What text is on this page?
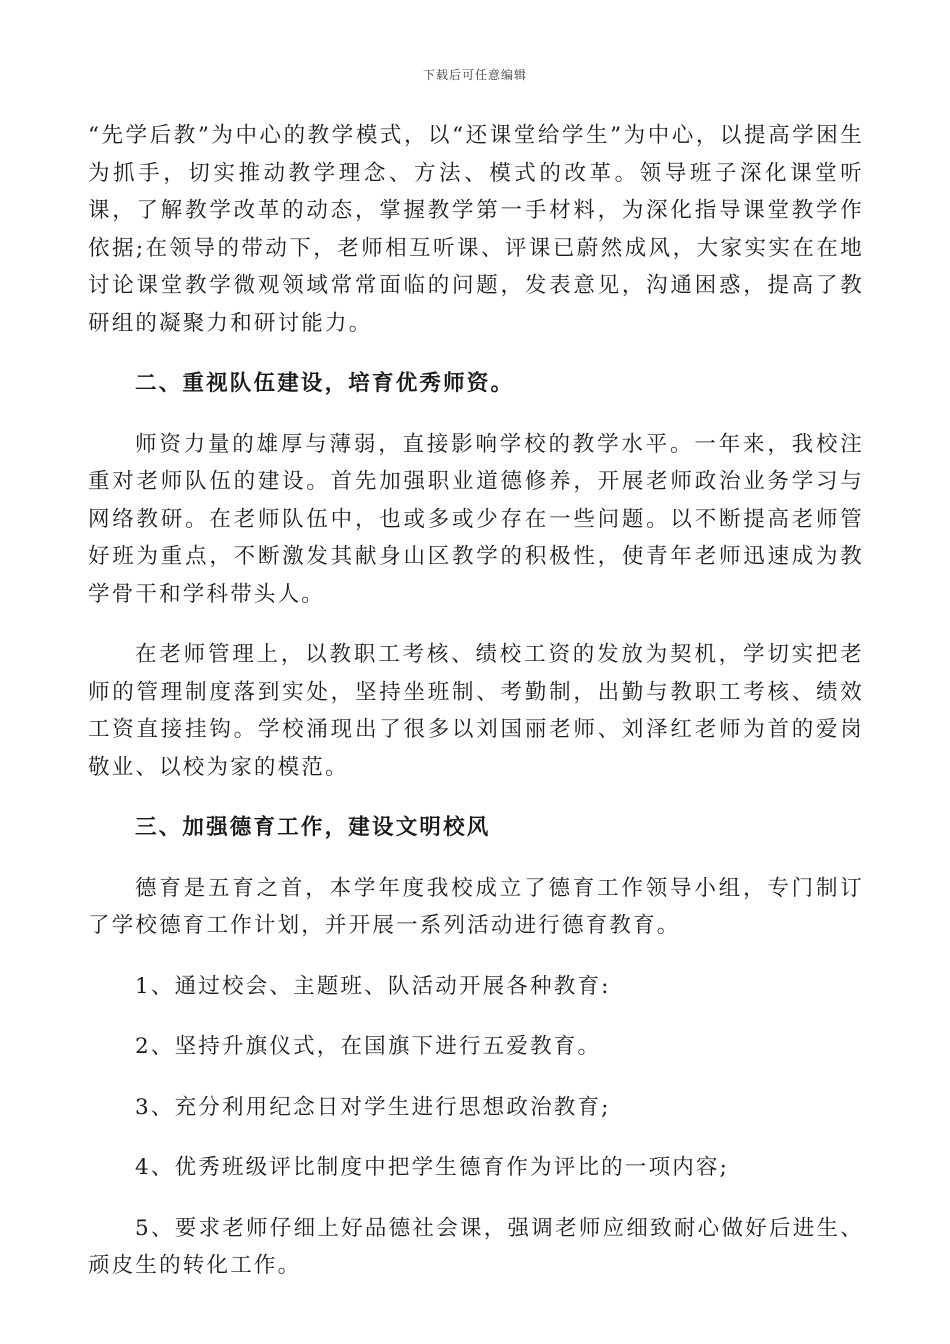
下载后可任意编辑

“先学后教”为中心的教学模式，以“还课堂给学生”为中心，以提高学困生为抓手，切实推动教学理念、方法、模式的改革。领导班子深化课堂听课，了解教学改革的动态，掌握教学第一手材料，为深化指导课堂教学作依据;在领导的带动下，老师相互听课、评课已蔚然成风，大家实实在在地讨论课堂教学微观领域常常面临的问题，发表意见，沟通困惑，提高了教研组的凝聚力和研讨能力。

二、重视队伍建设，培育优秀师资。

师资力量的雄厚与薄弱，直接影响学校的教学水平。一年来，我校注重对老师队伍的建设。首先加强职业道德修养，开展老师政治业务学习与网络教研。在老师队伍中，也或多或少存在一些问题。以不断提高老师管好班为重点，不断激发其献身山区教学的积极性，使青年老师迅速成为教学骨干和学科带头人。

在老师管理上，以教职工考核、绩校工资的发放为契机，学切实把老师的管理制度落到实处，坚持坐班制、考勤制，出勤与教职工考核、绩效工资直接挂钩。学校涌现出了很多以刘国丽老师、刘泽红老师为首的爱岗敬业、以校为家的模范。

三、加强德育工作，建设文明校风

德育是五育之首，本学年度我校成立了德育工作领导小组，专门制订了学校德育工作计划，并开展一系列活动进行德育教育。

1、通过校会、主题班、队活动开展各种教育:

2、坚持升旗仪式，在国旗下进行五爱教育。

3、充分利用纪念日对学生进行思想政治教育;

4、优秀班级评比制度中把学生德育作为评比的一项内容;

5、要求老师仔细上好品德社会课，强调老师应细致耐心做好后进生、顽皮生的转化工作。
